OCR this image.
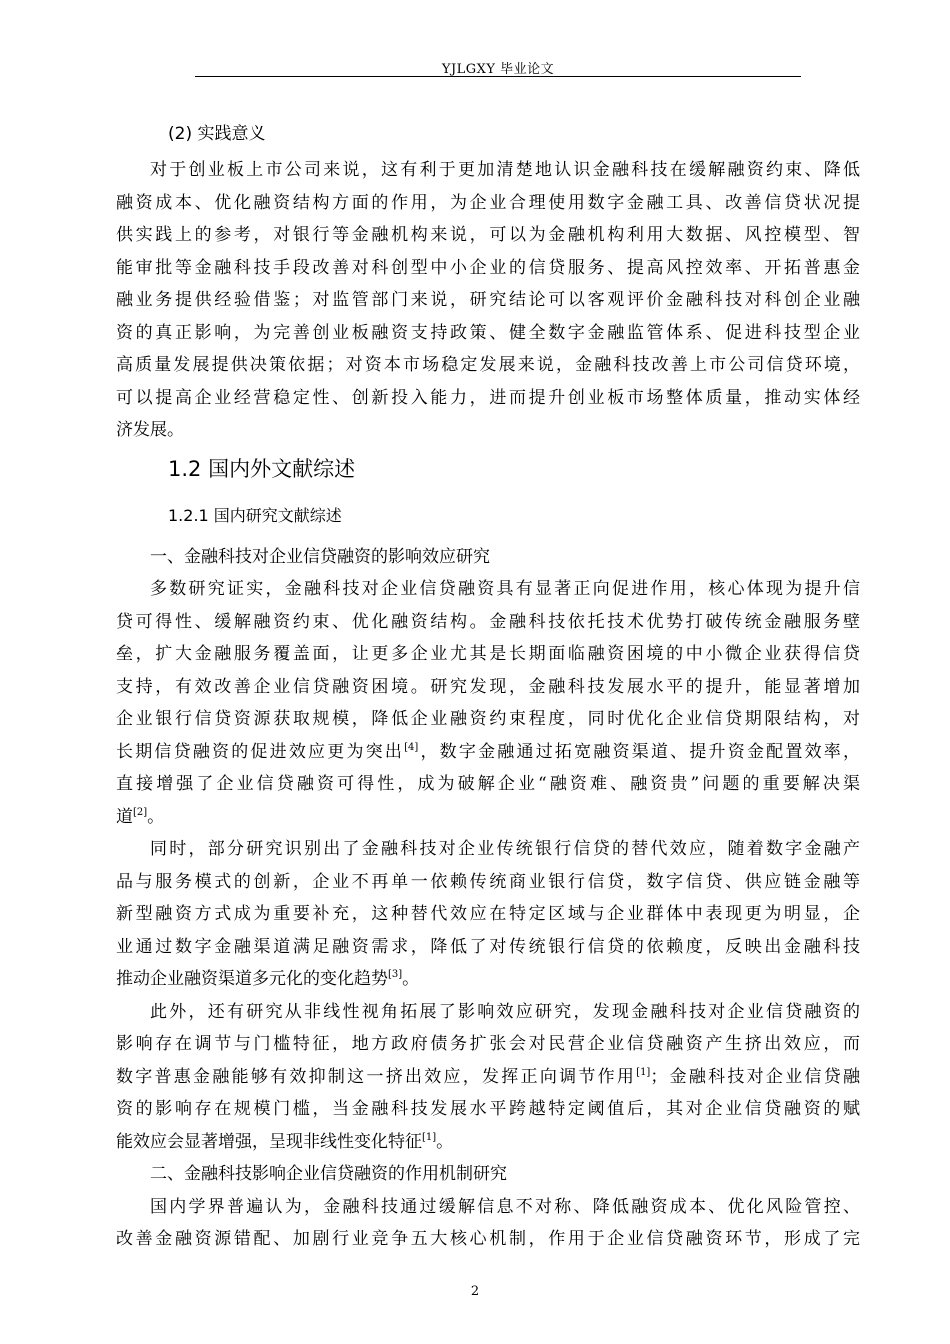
YJLGXY 毕业论文
(2) 实践意义
对于创业板上市公司来说，这有利于更加清楚地认识金融科技在缓解融资约束、降低
融资成本、优化融资结构方面的作用，为企业合理使用数字金融工具、改善信贷状况提
供实践上的参考，对银行等金融机构来说，可以为金融机构利用大数据、风控模型、智
能审批等金融科技手段改善对科创型中小企业的信贷服务、提高风控效率、开拓普惠金
融业务提供经验借鉴；对监管部门来说，研究结论可以客观评价金融科技对科创企业融
资的真正影响，为完善创业板融资支持政策、健全数字金融监管体系、促进科技型企业
高质量发展提供决策依据；对资本市场稳定发展来说，金融科技改善上市公司信贷环境，
可以提高企业经营稳定性、创新投入能力，进而提升创业板市场整体质量，推动实体经
济发展。
1.2 国内外文献综述
1.2.1 国内研究文献综述
一、金融科技对企业信贷融资的影响效应研究
多数研究证实，金融科技对企业信贷融资具有显著正向促进作用，核心体现为提升信
贷可得性、缓解融资约束、优化融资结构。金融科技依托技术优势打破传统金融服务壁
垒，扩大金融服务覆盖面，让更多企业尤其是长期面临融资困境的中小微企业获得信贷
支持，有效改善企业信贷融资困境。研究发现，金融科技发展水平的提升，能显著增加
企业银行信贷资源获取规模，降低企业融资约束程度，同时优化企业信贷期限结构，对
长期信贷融资的促进效应更为突出[4]，数字金融通过拓宽融资渠道、提升资金配置效率，
直接增强了企业信贷融资可得性，成为破解企业“融资难、融资贵”问题的重要解决渠
道[2]。
同时，部分研究识别出了金融科技对企业传统银行信贷的替代效应，随着数字金融产
品与服务模式的创新，企业不再单一依赖传统商业银行信贷，数字信贷、供应链金融等
新型融资方式成为重要补充，这种替代效应在特定区域与企业群体中表现更为明显，企
业通过数字金融渠道满足融资需求，降低了对传统银行信贷的依赖度，反映出金融科技
推动企业融资渠道多元化的变化趋势[3]。
此外，还有研究从非线性视角拓展了影响效应研究，发现金融科技对企业信贷融资的
影响存在调节与门槛特征，地方政府债务扩张会对民营企业信贷融资产生挤出效应，而
数字普惠金融能够有效抑制这一挤出效应，发挥正向调节作用[1]；金融科技对企业信贷融
资的影响存在规模门槛，当金融科技发展水平跨越特定阈值后，其对企业信贷融资的赋
能效应会显著增强，呈现非线性变化特征[1]。
二、金融科技影响企业信贷融资的作用机制研究
国内学界普遍认为，金融科技通过缓解信息不对称、降低融资成本、优化风险管控、
改善金融资源错配、加剧行业竞争五大核心机制，作用于企业信贷融资环节，形成了完
2
